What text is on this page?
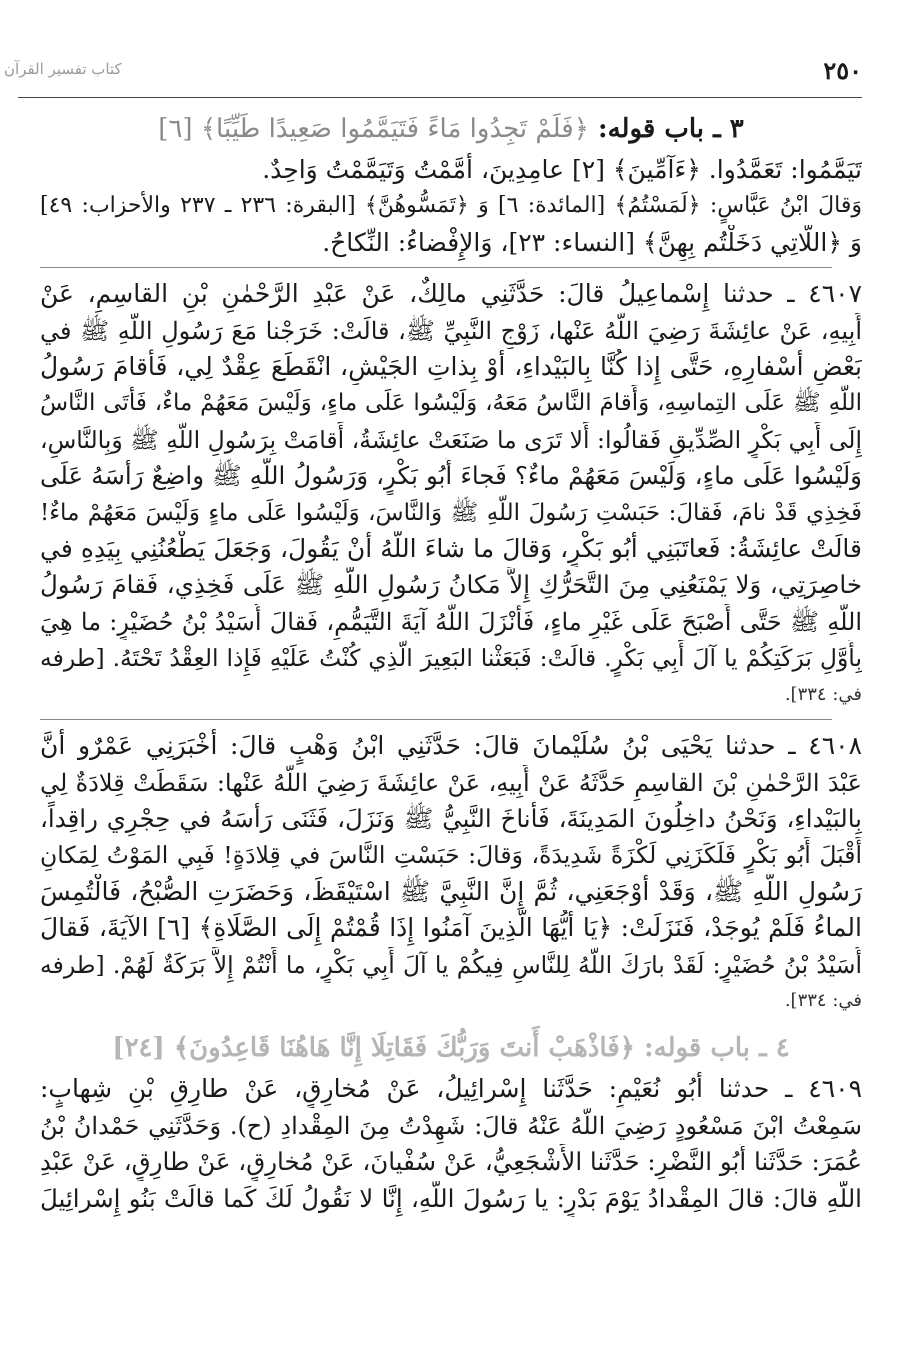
٢٥٠
كتاب تفسير القرآن
٣ ـ باب قوله: ﴿فَلَمْ تَجِدُوا مَاءً فَتَيَمَّمُوا صَعِيدًا طَيِّبًا﴾ [٦]
تَيَمَّمُوا: تَعَمَّدُوا. ﴿ءَآمِّينَ﴾ [٢] عامِدِينَ، أَمَّمْتُ وَتَيَمَّمْتُ وَاحِدٌ.
وَقالَ ابْنُ عَبَّاسٍ: ﴿لَمَسْتُمُ﴾ [المائدة: ٦] وَ ﴿تَمَسُّوهُنَّ﴾ [البقرة: ٢٣٦ ـ ٢٣٧ والأحزاب: ٤٩]
وَ ﴿اللَّاتِي دَخَلْتُم بِهِنَّ﴾ [النساء: ٢٣]، وَالإِفْضاءُ: النِّكاحُ.
٤٦٠٧ ـ حدثنا إِسْماعِيلُ قالَ: حَدَّثَنِي مالِكٌ، عَنْ عَبْدِ الرَّحْمٰنِ بْنِ القاسِمِ، عَنْ
أَبِيهِ، عَنْ عائِشَةَ رَضِيَ اللَّهُ عَنْها، زَوْجِ النَّبِيِّ ﷺ، قالَتْ: خَرَجْنا مَعَ رَسُولِ اللَّهِ ﷺ في
بَعْضِ أَسْفارِهِ، حَتَّى إِذا كُنَّا بِالبَيْداءِ، أَوْ بِذاتِ الجَيْشِ، انْقَطَعَ عِقْدٌ لِي، فَأَقامَ رَسُولُ
اللَّهِ ﷺ عَلَى التِماسِهِ، وَأَقامَ النَّاسُ مَعَهُ، وَلَيْسُوا عَلَى ماءٍ، وَلَيْسَ مَعَهُمْ ماءٌ، فَأَتَى النَّاسُ
إِلَى أَبِي بَكْرٍ الصِّدِّيقِ فَقالُوا: أَلا تَرَى ما صَنَعَتْ عائِشَةُ، أَقامَتْ بِرَسُولِ اللَّهِ ﷺ وَبِالنَّاسِ،
وَلَيْسُوا عَلَى ماءٍ، وَلَيْسَ مَعَهُمْ ماءٌ؟ فَجاءَ أَبُو بَكْرٍ، وَرَسُولُ اللَّهِ ﷺ واضِعٌ رَأْسَهُ عَلَى
فَخِذِي قَدْ نامَ، فَقالَ: حَبَسْتِ رَسُولَ اللَّهِ ﷺ وَالنَّاسَ، وَلَيْسُوا عَلَى ماءٍ وَلَيْسَ مَعَهُمْ ماءٌ!
قالَتْ عائِشَةُ: فَعاتَبَنِي أَبُو بَكْرٍ، وَقالَ ما شاءَ اللَّهُ أَنْ يَقُولَ، وَجَعَلَ يَطْعُنُنِي بِيَدِهِ في
خاصِرَتِي، وَلا يَمْنَعُنِي مِنَ التَّحَرُّكِ إِلاَّ مَكانُ رَسُولِ اللَّهِ ﷺ عَلَى فَخِذِي، فَقامَ رَسُولُ
اللَّهِ ﷺ حَتَّى أَصْبَحَ عَلَى غَيْرِ ماءٍ، فَأَنْزَلَ اللَّهُ آيَةَ التَّيَمُّمِ، فَقالَ أُسَيْدُ بْنُ حُضَيْرٍ: ما هِيَ
بِأَوَّلِ بَرَكَتِكُمْ يا آلَ أَبِي بَكْرٍ. قالَتْ: فَبَعَثْنا البَعِيرَ الَّذِي كُنْتُ عَلَيْهِ فَإِذا العِقْدُ تَحْتَهُ. [طرفه
في: ٣٣٤].
٤٦٠٨ ـ حدثنا يَحْيَى بْنُ سُلَيْمانَ قالَ: حَدَّثَنِي ابْنُ وَهْبٍ قالَ: أَخْبَرَنِي عَمْرٌو أَنَّ
عَبْدَ الرَّحْمٰنِ بْنَ القاسِمِ حَدَّثَهُ عَنْ أَبِيهِ، عَنْ عائِشَةَ رَضِيَ اللَّهُ عَنْها: سَقَطَتْ قِلادَةٌ لِي
بِالبَيْداءِ، وَنَحْنُ داخِلُونَ المَدِينَةَ، فَأَناخَ النَّبِيُّ ﷺ وَنَزَلَ، فَثَنَى رَأْسَهُ في حِجْرِي راقِداً،
أَقْبَلَ أَبُو بَكْرٍ فَلَكَزَنِي لَكْزَةً شَدِيدَةً، وَقالَ: حَبَسْتِ النَّاسَ في قِلادَةٍ! فَبِي المَوْتُ لِمَكانِ
رَسُولِ اللَّهِ ﷺ، وَقَدْ أَوْجَعَنِي، ثُمَّ إِنَّ النَّبِيَّ ﷺ اسْتَيْقَظَ، وَحَضَرَتِ الصُّبْحُ، فَالْتُمِسَ
الماءُ فَلَمْ يُوجَدْ، فَنَزَلَتْ: ﴿يَا أَيُّهَا الَّذِينَ آمَنُوا إِذَا قُمْتُمْ إِلَى الصَّلَاةِ﴾ [٦] الآيَةَ، فَقالَ
أُسَيْدُ بْنُ حُضَيْرٍ: لَقَدْ بارَكَ اللَّهُ لِلنَّاسِ فِيكُمْ يا آلَ أَبِي بَكْرٍ، ما أَنْتُمْ إِلاَّ بَرَكَةٌ لَهُمْ. [طرفه
في: ٣٣٤].
٤ ـ باب قوله: ﴿فَاذْهَبْ أَنتَ وَرَبُّكَ فَقَاتِلَا إِنَّا هَاهُنَا قَاعِدُونَ﴾ [٢٤]
٤٦٠٩ ـ حدثنا أَبُو نُعَيْمٍ: حَدَّثَنا إِسْرائِيلُ، عَنْ مُخارِقٍ، عَنْ طارِقِ بْنِ شِهابٍ:
سَمِعْتُ ابْنَ مَسْعُودٍ رَضِيَ اللَّهُ عَنْهُ قالَ: شَهِدْتُ مِنَ المِقْدادِ (ح). وَحَدَّثَنِي حَمْدانُ بْنُ
عُمَرَ: حَدَّثَنا أَبُو النَّضْرِ: حَدَّثَنا الأَشْجَعِيُّ، عَنْ سُفْيانَ، عَنْ مُخارِقٍ، عَنْ طارِقٍ، عَنْ عَبْدِ
اللَّهِ قالَ: قالَ المِقْدادُ يَوْمَ بَدْرٍ: يا رَسُولَ اللَّهِ، إِنَّا لا نَقُولُ لَكَ كَما قالَتْ بَنُو إِسْرائِيلَ
